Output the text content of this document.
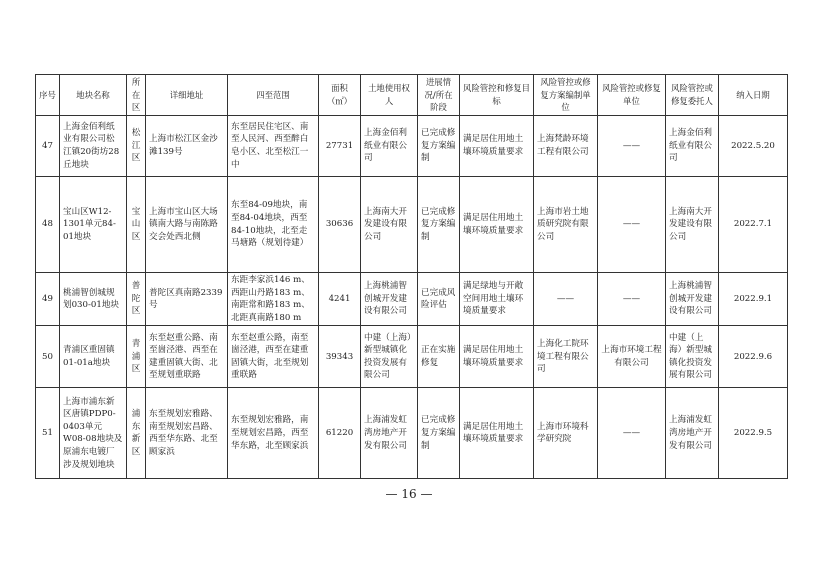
序号	地块名称	所在区	详细地址	四至范围	面积（㎡）	土地使用权人	进展情况/所在阶段	风险管控和修复目标	风险管控或修复方案编制单位	风险管控或修复单位	风险管控或修复委托人	纳入日期
47	上海金佰利纸业有限公司松江镇20街坊28丘地块	松江区	上海市松江区金沙滩139号	东至居民住宅区、南至人民河、西至醉白皂小区、北至松江一中	27731	上海金佰利纸业有限公司	已完成修复方案编制	满足居住用地土壤环境质量要求	上海梵龄环境工程有限公司	——	上海金佰利纸业有限公司	2022.5.20
48	宝山区W12-1301单元84-01地块	宝山区	上海市宝山区大场镇南大路与南陈路交会处西北侧	东至84-09地块，南至84-04地块，西至84-10地块，北至走马塘路（规划待建）	30636	上海南大开发建设有限公司	已完成修复方案编制	满足居住用地土壤环境质量要求	上海市岩土地质研究院有限公司	——	上海南大开发建设有限公司	2022.7.1
49	桃浦智创城规划030-01地块	普陀区	普陀区真南路2339号	东距李家浜146 m、西距山丹路183 m、南距常和路183 m、北距真南路180 m	4241	上海桃浦智创城开发建设有限公司	已完成风险评估	满足绿地与开敞空间用地土壤环境质量要求	——	——	上海桃浦智创城开发建设有限公司	2022.9.1
50	青浦区重固镇01-01a地块	青浦区	东至赵重公路、南至崮泾港、西至在建重固镇大街、北至规划重联路	东至赵重公路，南至崮泾港，西至在建重固镇大街，北至规划重联路	39343	中建（上海）新型城镇化投资发展有限公司	正在实施修复	满足居住用地土壤环境质量要求	上海化工院环境工程有限公司	上海市环境工程有限公司	中建（上海）新型城镇化投资发展有限公司	2022.9.6
51	上海市浦东新区唐镇PDP0-0403单元W08-08地块及原浦东电镀厂涉及规划地块	浦东新区	东至规划宏雅路、南至规划宏昌路、西至华东路、北至顾家浜	东至规划宏雅路，南至规划宏昌路，西至华东路，北至顾家浜	61220	上海浦发虹湾房地产开发有限公司	已完成修复方案编制	满足居住用地土壤环境质量要求	上海市环境科学研究院	——	上海浦发虹湾房地产开发有限公司	2022.9.5
— 16 —
